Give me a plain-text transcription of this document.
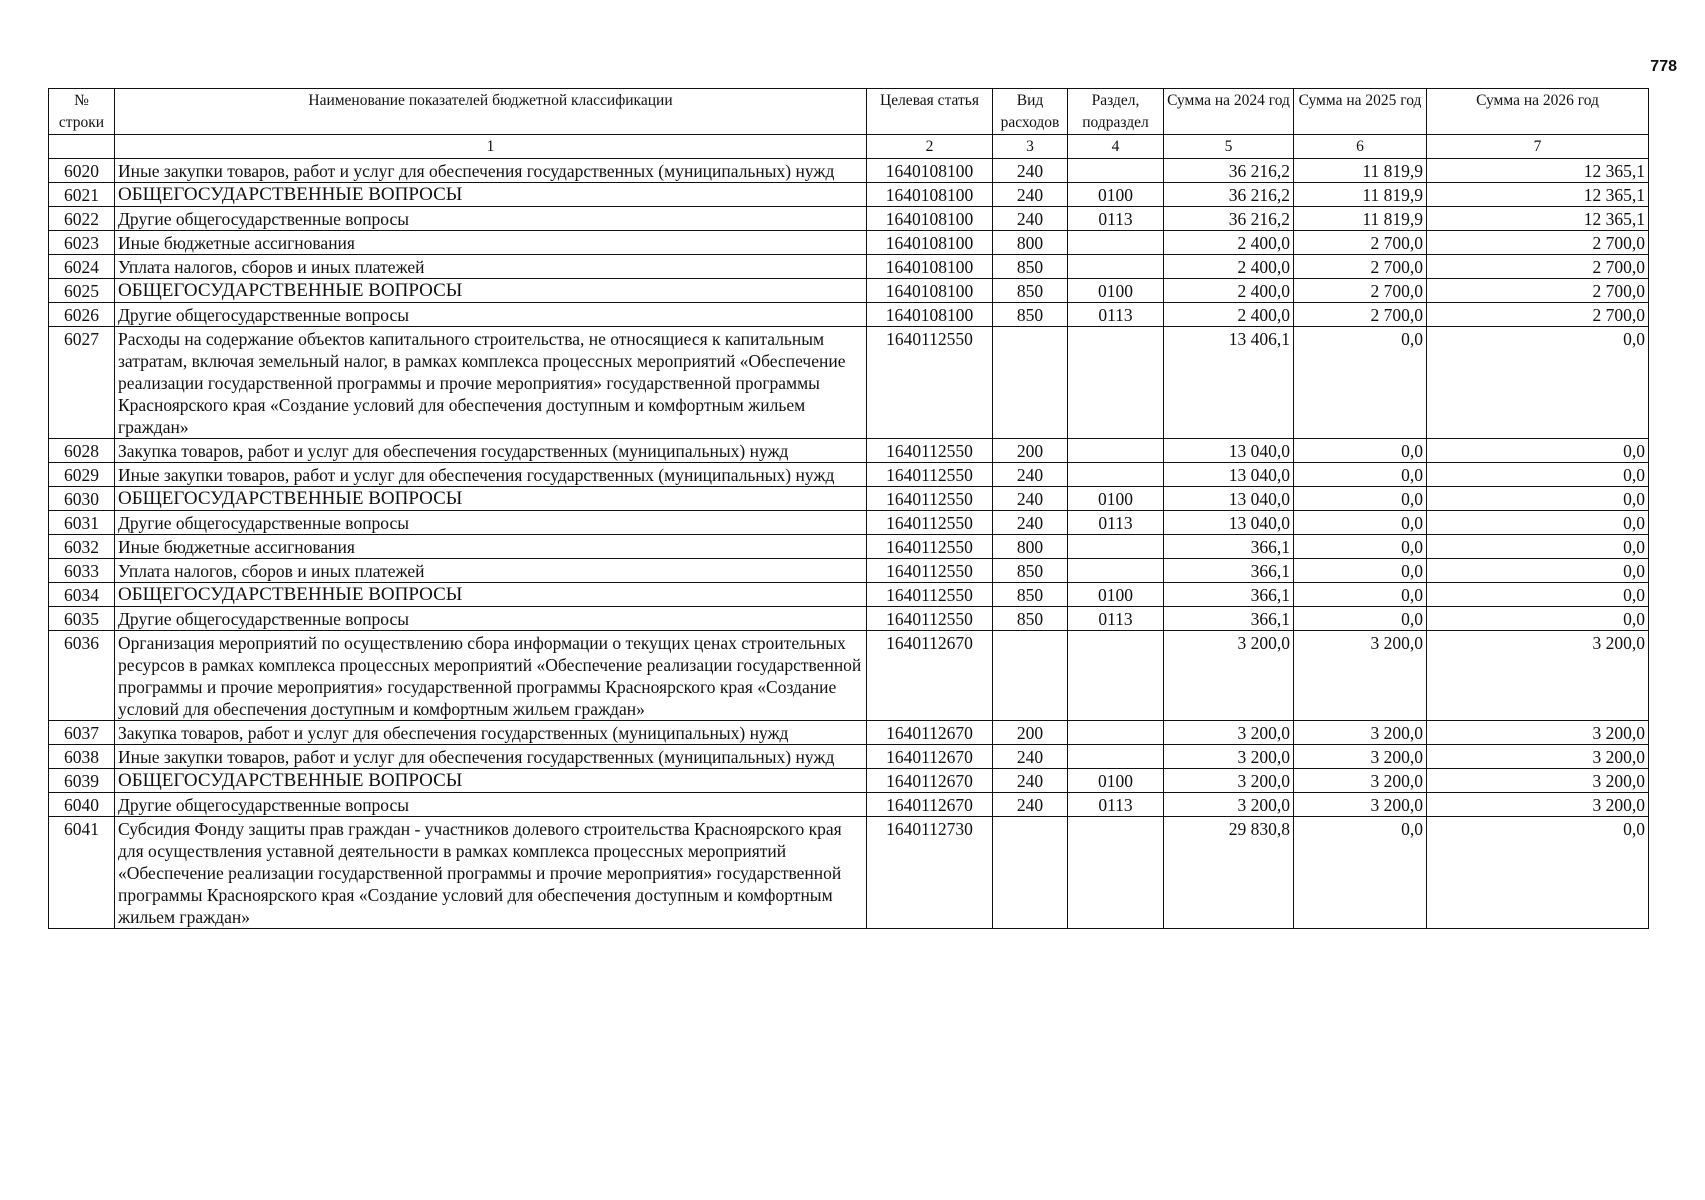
778
№ строки	Наименование показателей бюджетной классификации	Целевая статья	Вид расходов	Раздел, подраздел	Сумма на 2024 год	Сумма на 2025 год	Сумма на 2026 год
	1	2	3	4	5	6	7
6020	Иные закупки товаров, работ и услуг для обеспечения государственных (муниципальных) нужд	1640108100	240		36 216,2	11 819,9	12 365,1
6021	ОБЩЕГОСУДАРСТВЕННЫЕ ВОПРОСЫ	1640108100	240	0100	36 216,2	11 819,9	12 365,1
6022	Другие общегосударственные вопросы	1640108100	240	0113	36 216,2	11 819,9	12 365,1
6023	Иные бюджетные ассигнования	1640108100	800		2 400,0	2 700,0	2 700,0
6024	Уплата налогов, сборов и иных платежей	1640108100	850		2 400,0	2 700,0	2 700,0
6025	ОБЩЕГОСУДАРСТВЕННЫЕ ВОПРОСЫ	1640108100	850	0100	2 400,0	2 700,0	2 700,0
6026	Другие общегосударственные вопросы	1640108100	850	0113	2 400,0	2 700,0	2 700,0
6027	Расходы на содержание объектов капитального строительства, не относящиеся к капитальным затратам, включая земельный налог, в рамках комплекса процессных мероприятий «Обеспечение реализации государственной программы и прочие мероприятия» государственной программы Красноярского края «Создание условий для обеспечения доступным и комфортным жильем граждан»	1640112550			13 406,1	0,0	0,0
6028	Закупка товаров, работ и услуг для обеспечения государственных (муниципальных) нужд	1640112550	200		13 040,0	0,0	0,0
6029	Иные закупки товаров, работ и услуг для обеспечения государственных (муниципальных) нужд	1640112550	240		13 040,0	0,0	0,0
6030	ОБЩЕГОСУДАРСТВЕННЫЕ ВОПРОСЫ	1640112550	240	0100	13 040,0	0,0	0,0
6031	Другие общегосударственные вопросы	1640112550	240	0113	13 040,0	0,0	0,0
6032	Иные бюджетные ассигнования	1640112550	800		366,1	0,0	0,0
6033	Уплата налогов, сборов и иных платежей	1640112550	850		366,1	0,0	0,0
6034	ОБЩЕГОСУДАРСТВЕННЫЕ ВОПРОСЫ	1640112550	850	0100	366,1	0,0	0,0
6035	Другие общегосударственные вопросы	1640112550	850	0113	366,1	0,0	0,0
6036	Организация мероприятий по осуществлению сбора информации о текущих ценах строительных ресурсов в рамках комплекса процессных мероприятий «Обеспечение реализации государственной программы и прочие мероприятия» государственной программы Красноярского края «Создание условий для обеспечения доступным и комфортным жильем граждан»	1640112670			3 200,0	3 200,0	3 200,0
6037	Закупка товаров, работ и услуг для обеспечения государственных (муниципальных) нужд	1640112670	200		3 200,0	3 200,0	3 200,0
6038	Иные закупки товаров, работ и услуг для обеспечения государственных (муниципальных) нужд	1640112670	240		3 200,0	3 200,0	3 200,0
6039	ОБЩЕГОСУДАРСТВЕННЫЕ ВОПРОСЫ	1640112670	240	0100	3 200,0	3 200,0	3 200,0
6040	Другие общегосударственные вопросы	1640112670	240	0113	3 200,0	3 200,0	3 200,0
6041	Субсидия Фонду защиты прав граждан - участников долевого строительства Красноярского края для осуществления уставной деятельности в рамках комплекса процессных мероприятий «Обеспечение реализации государственной программы и прочие мероприятия» государственной программы Красноярского края «Создание условий для обеспечения доступным и комфортным жильем граждан»	1640112730			29 830,8	0,0	0,0
